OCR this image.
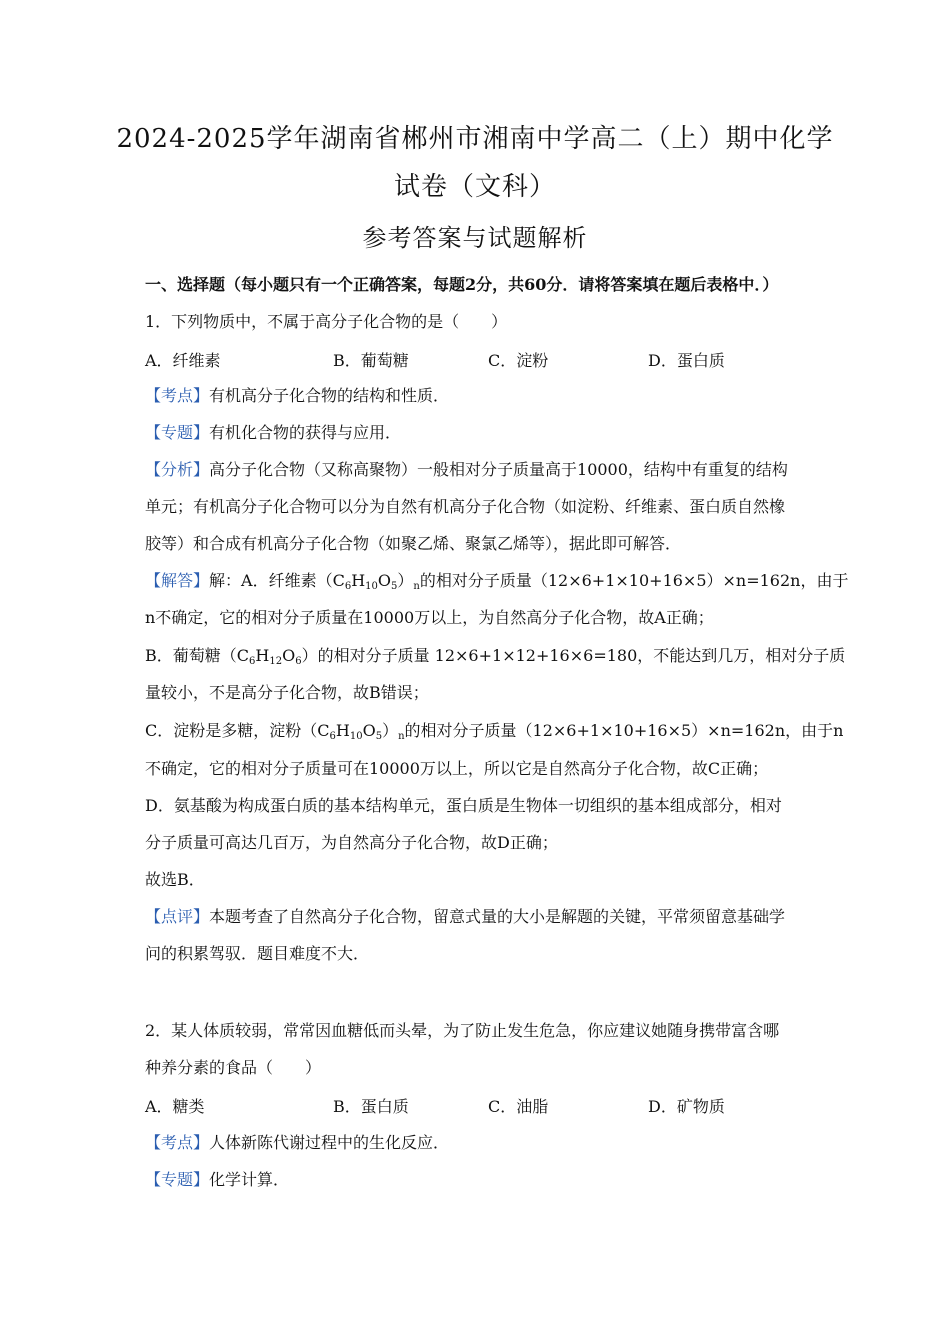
2024-2025学年湖南省郴州市湘南中学高二（上）期中化学
试卷（文科）
参考答案与试题解析
一、选择题（每小题只有一个正确答案，每题2分，共60分．请将答案填在题后表格中．）
1．下列物质中，不属于高分子化合物的是（　　）
A．纤维素	B．葡萄糖	C．淀粉	D．蛋白质
【考点】有机高分子化合物的结构和性质．
【专题】有机化合物的获得与应用．
【分析】高分子化合物（又称高聚物）一般相对分子质量高于10000，结构中有重复的结构
单元；有机高分子化合物可以分为自然有机高分子化合物（如淀粉、纤维素、蛋白质自然橡
胶等）和合成有机高分子化合物（如聚乙烯、聚氯乙烯等），据此即可解答．
【解答】解：A．纤维素$(C_6H_{10}O_5)_n$的相对分子质量（12×6+1×10+16×5）×n=162n，由于
n不确定，它的相对分子质量在10000万以上，为自然高分子化合物，故A正确；
B．葡萄糖$(C_6H_{12}O_6)$的相对分子质量 12×6+1×12+16×6=180，不能达到几万，相对分子质
量较小，不是高分子化合物，故B错误；
C．淀粉是多糖，淀粉$(C_6H_{10}O_5)_n$的相对分子质量（12×6+1×10+16×5）×n=162n，由于n
不确定，它的相对分子质量可在10000万以上，所以它是自然高分子化合物，故C正确；
D．氨基酸为构成蛋白质的基本结构单元，蛋白质是生物体一切组织的基本组成部分，相对
分子质量可高达几百万，为自然高分子化合物，故D正确；
故选B．
【点评】本题考查了自然高分子化合物，留意式量的大小是解题的关键，平常须留意基础学
问的积累驾驭．题目难度不大．
2．某人体质较弱，常常因血糖低而头晕，为了防止发生危急，你应建议她随身携带富含哪
种养分素的食品（　　）
A．糖类	B．蛋白质	C．油脂	D．矿物质
【考点】人体新陈代谢过程中的生化反应．
【专题】化学计算．
